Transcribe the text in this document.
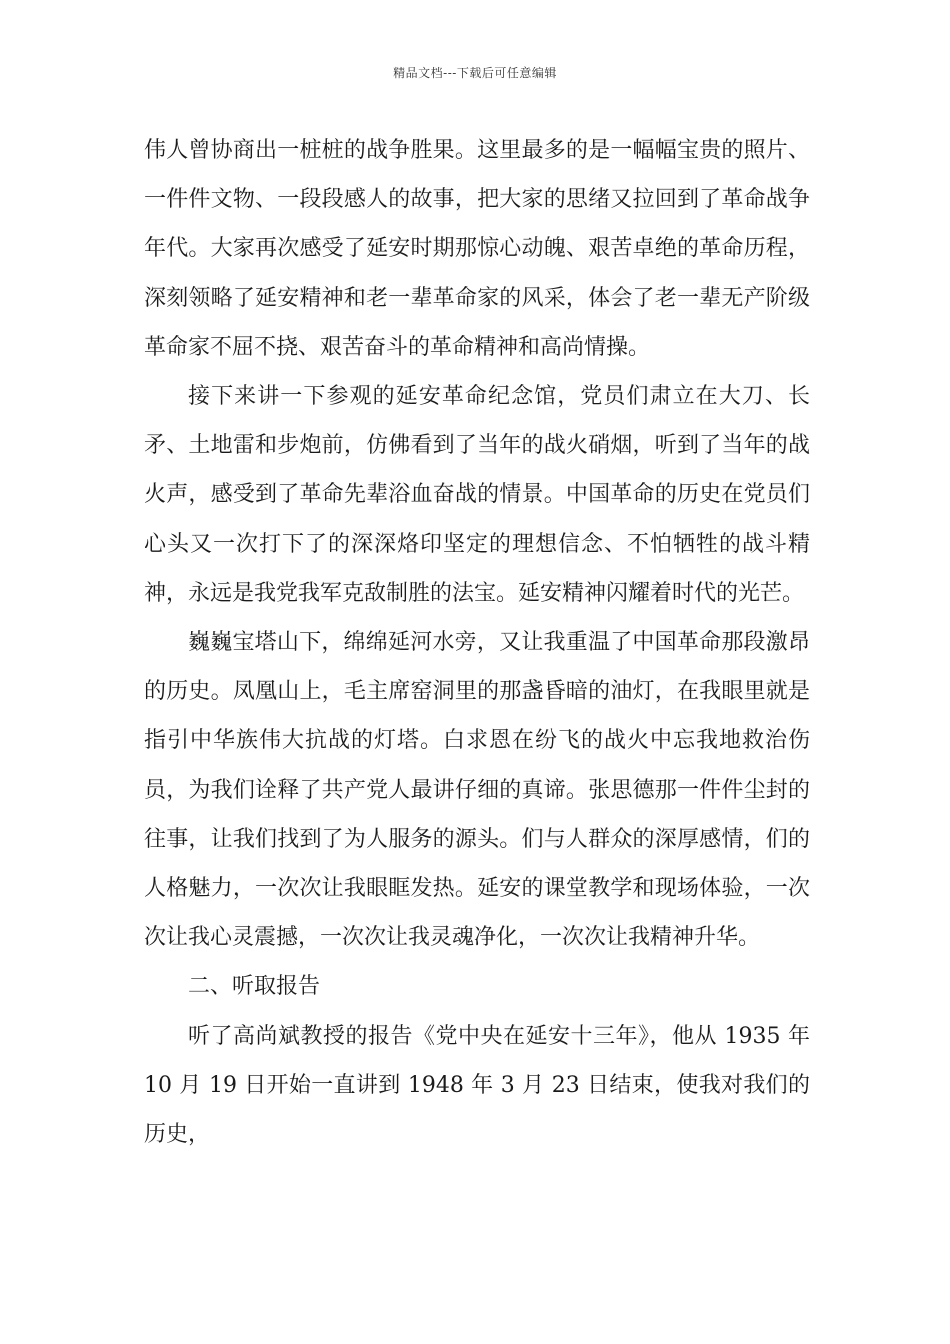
精品文档---下载后可任意编辑

伟人曾协商出一桩桩的战争胜果。这里最多的是一幅幅宝贵的照片、一件件文物、一段段感人的故事，把大家的思绪又拉回到了革命战争年代。大家再次感受了延安时期那惊心动魄、艰苦卓绝的革命历程，深刻领略了延安精神和老一辈革命家的风采，体会了老一辈无产阶级革命家不屈不挠、艰苦奋斗的革命精神和高尚情操。

接下来讲一下参观的延安革命纪念馆，党员们肃立在大刀、长矛、土地雷和步炮前，仿佛看到了当年的战火硝烟，听到了当年的战火声，感受到了革命先辈浴血奋战的情景。中国革命的历史在党员们心头又一次打下了的深深烙印坚定的理想信念、不怕牺牲的战斗精神，永远是我党我军克敌制胜的法宝。延安精神闪耀着时代的光芒。

巍巍宝塔山下，绵绵延河水旁，又让我重温了中国革命那段激昂的历史。凤凰山上，毛主席窑洞里的那盏昏暗的油灯，在我眼里就是指引中华族伟大抗战的灯塔。白求恩在纷飞的战火中忘我地救治伤员，为我们诠释了共产党人最讲仔细的真谛。张思德那一件件尘封的往事，让我们找到了为人服务的源头。们与人群众的深厚感情，们的人格魅力，一次次让我眼眶发热。延安的课堂教学和现场体验，一次次让我心灵震撼，一次次让我灵魂净化，一次次让我精神升华。

二、听取报告

听了高尚斌教授的报告《党中央在延安十三年》，他从 1935 年 10 月 19 日开始一直讲到 1948 年 3 月 23 日结束，使我对我们的历史，
